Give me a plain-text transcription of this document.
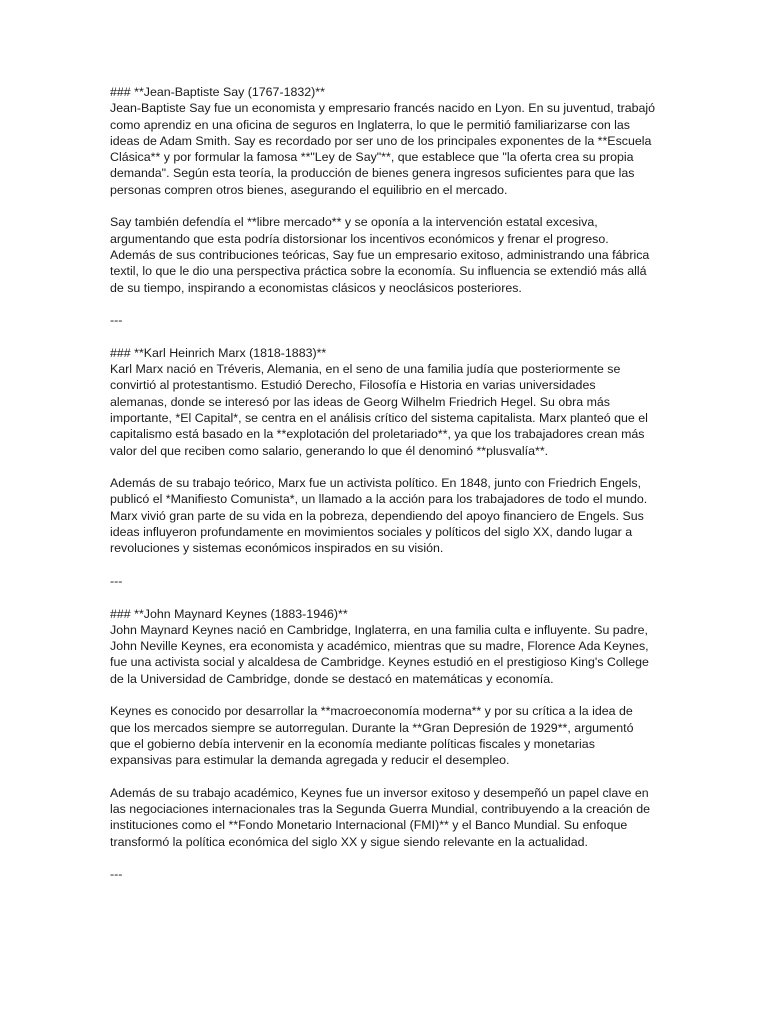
### **Jean-Baptiste Say (1767-1832)**

Jean-Baptiste Say fue un economista y empresario francés nacido en Lyon. En su juventud, trabajó como aprendiz en una oficina de seguros en Inglaterra, lo que le permitió familiarizarse con las ideas de Adam Smith. Say es recordado por ser uno de los principales exponentes de la **Escuela Clásica** y por formular la famosa **"Ley de Say"**, que establece que "la oferta crea su propia demanda". Según esta teoría, la producción de bienes genera ingresos suficientes para que las personas compren otros bienes, asegurando el equilibrio en el mercado.

Say también defendía el **libre mercado** y se oponía a la intervención estatal excesiva, argumentando que esta podría distorsionar los incentivos económicos y frenar el progreso. Además de sus contribuciones teóricas, Say fue un empresario exitoso, administrando una fábrica textil, lo que le dio una perspectiva práctica sobre la economía. Su influencia se extendió más allá de su tiempo, inspirando a economistas clásicos y neoclásicos posteriores.

---

### **Karl Heinrich Marx (1818-1883)**

Karl Marx nació en Tréveris, Alemania, en el seno de una familia judía que posteriormente se convirtió al protestantismo. Estudió Derecho, Filosofía e Historia en varias universidades alemanas, donde se interesó por las ideas de Georg Wilhelm Friedrich Hegel. Su obra más importante, *El Capital*, se centra en el análisis crítico del sistema capitalista. Marx planteó que el capitalismo está basado en la **explotación del proletariado**, ya que los trabajadores crean más valor del que reciben como salario, generando lo que él denominó **plusvalía**.

Además de su trabajo teórico, Marx fue un activista político. En 1848, junto con Friedrich Engels, publicó el *Manifiesto Comunista*, un llamado a la acción para los trabajadores de todo el mundo. Marx vivió gran parte de su vida en la pobreza, dependiendo del apoyo financiero de Engels. Sus ideas influyeron profundamente en movimientos sociales y políticos del siglo XX, dando lugar a revoluciones y sistemas económicos inspirados en su visión.

---

### **John Maynard Keynes (1883-1946)**

John Maynard Keynes nació en Cambridge, Inglaterra, en una familia culta e influyente. Su padre, John Neville Keynes, era economista y académico, mientras que su madre, Florence Ada Keynes, fue una activista social y alcaldesa de Cambridge. Keynes estudió en el prestigioso King's College de la Universidad de Cambridge, donde se destacó en matemáticas y economía.

Keynes es conocido por desarrollar la **macroeconomía moderna** y por su crítica a la idea de que los mercados siempre se autorregulan. Durante la **Gran Depresión de 1929**, argumentó que el gobierno debía intervenir en la economía mediante políticas fiscales y monetarias expansivas para estimular la demanda agregada y reducir el desempleo.

Además de su trabajo académico, Keynes fue un inversor exitoso y desempeñó un papel clave en las negociaciones internacionales tras la Segunda Guerra Mundial, contribuyendo a la creación de instituciones como el **Fondo Monetario Internacional (FMI)** y el Banco Mundial. Su enfoque transformó la política económica del siglo XX y sigue siendo relevante en la actualidad.

---
